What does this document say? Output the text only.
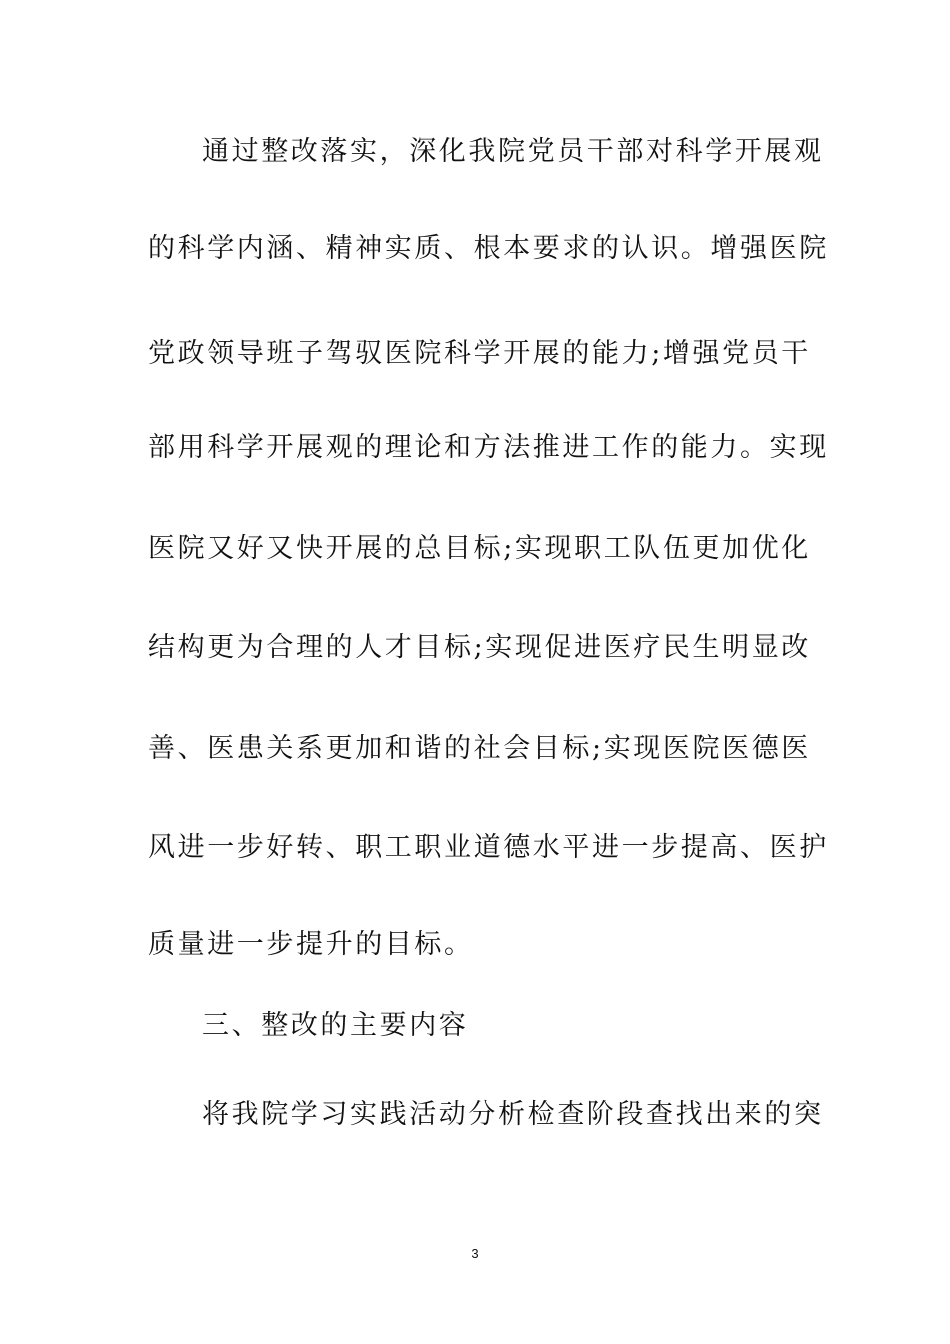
通过整改落实，深化我院党员干部对科学开展观
的科学内涵、精神实质、根本要求的认识。增强医院
党政领导班子驾驭医院科学开展的能力;增强党员干
部用科学开展观的理论和方法推进工作的能力。实现
医院又好又快开展的总目标;实现职工队伍更加优化
结构更为合理的人才目标;实现促进医疗民生明显改
善、医患关系更加和谐的社会目标;实现医院医德医
风进一步好转、职工职业道德水平进一步提高、医护
质量进一步提升的目标。
三、整改的主要内容
将我院学习实践活动分析检查阶段查找出来的突
3
